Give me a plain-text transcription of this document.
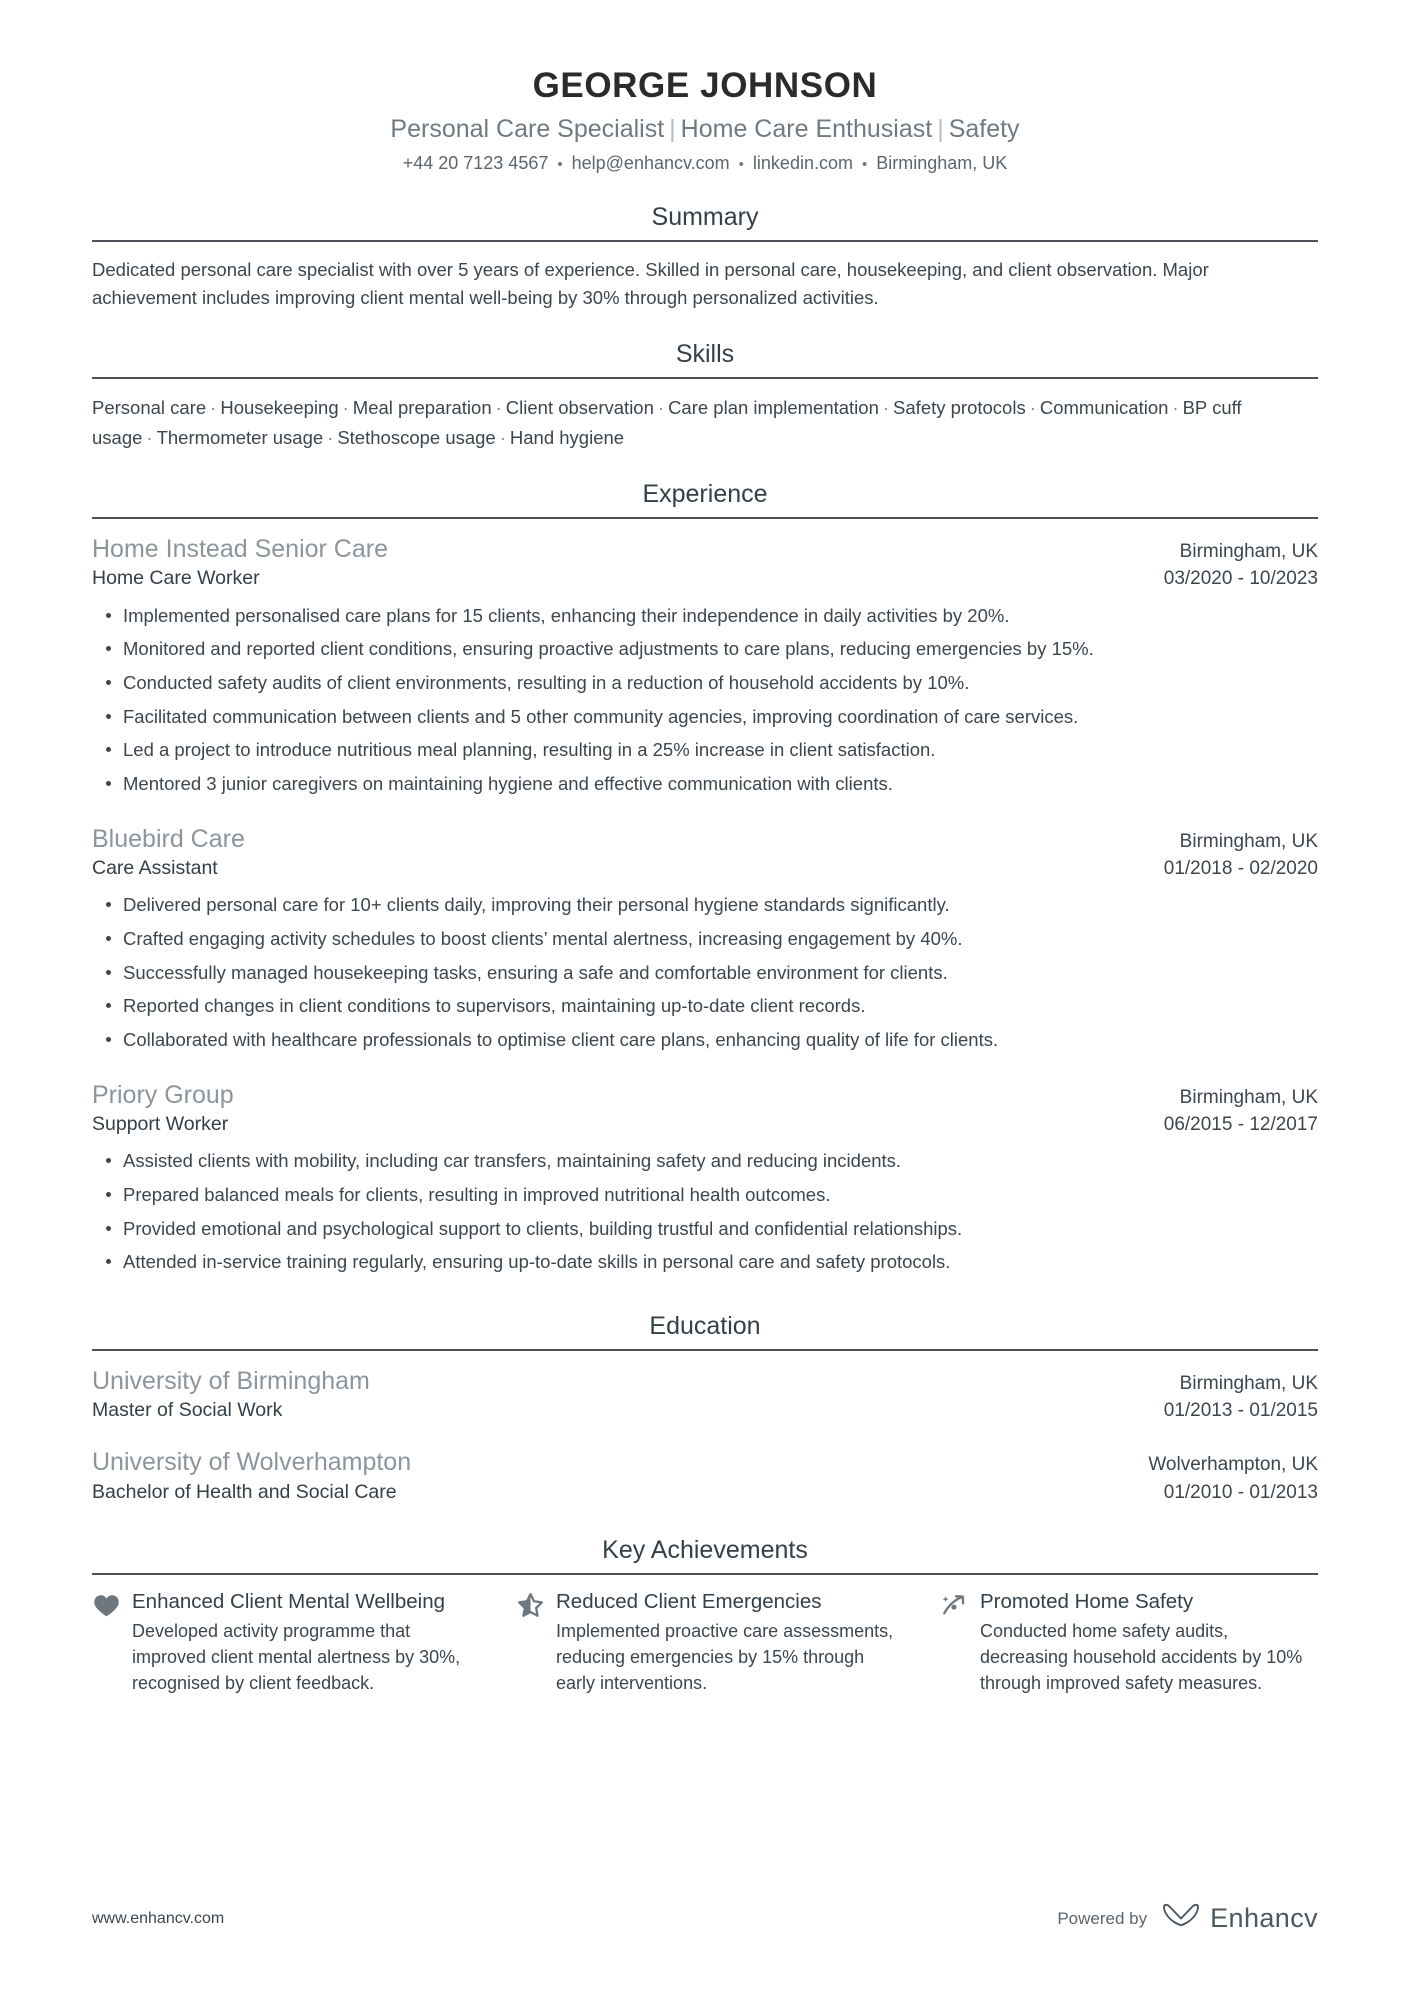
GEORGE JOHNSON
Personal Care Specialist | Home Care Enthusiast | Safety
+44 20 7123 4567 • help@enhancv.com • linkedin.com • Birmingham, UK
Summary

Dedicated personal care specialist with over 5 years of experience. Skilled in personal care, housekeeping, and client observation. Major achievement includes improving client mental well-being by 30% through personalized activities.

Skills

Personal care · Housekeeping · Meal preparation · Client observation · Care plan implementation · Safety protocols · Communication · BP cuff usage · Thermometer usage · Stethoscope usage · Hand hygiene

Experience
Home Instead Senior Care	Birmingham, UK
Home Care Worker	03/2020 - 10/2023
Implemented personalised care plans for 15 clients, enhancing their independence in daily activities by 20%.
Monitored and reported client conditions, ensuring proactive adjustments to care plans, reducing emergencies by 15%.
Conducted safety audits of client environments, resulting in a reduction of household accidents by 10%.
Facilitated communication between clients and 5 other community agencies, improving coordination of care services.
Led a project to introduce nutritious meal planning, resulting in a 25% increase in client satisfaction.
Mentored 3 junior caregivers on maintaining hygiene and effective communication with clients.
Bluebird Care	Birmingham, UK
Care Assistant	01/2018 - 02/2020
Delivered personal care for 10+ clients daily, improving their personal hygiene standards significantly.
Crafted engaging activity schedules to boost clients’ mental alertness, increasing engagement by 40%.
Successfully managed housekeeping tasks, ensuring a safe and comfortable environment for clients.
Reported changes in client conditions to supervisors, maintaining up-to-date client records.
Collaborated with healthcare professionals to optimise client care plans, enhancing quality of life for clients.
Priory Group	Birmingham, UK
Support Worker	06/2015 - 12/2017
Assisted clients with mobility, including car transfers, maintaining safety and reducing incidents.
Prepared balanced meals for clients, resulting in improved nutritional health outcomes.
Provided emotional and psychological support to clients, building trustful and confidential relationships.
Attended in-service training regularly, ensuring up-to-date skills in personal care and safety protocols.
Education
University of Birmingham	Birmingham, UK
Master of Social Work	01/2013 - 01/2015
University of Wolverhampton	Wolverhampton, UK
Bachelor of Health and Social Care	01/2010 - 01/2013
Key Achievements
Enhanced Client Mental Wellbeing

Developed activity programme that improved client mental alertness by 30%, recognised by client feedback.

Reduced Client Emergencies

Implemented proactive care assessments, reducing emergencies by 15% through early interventions.

Promoted Home Safety

Conducted home safety audits, decreasing household accidents by 10% through improved safety measures.

www.enhancv.com	Powered by Enhancv
